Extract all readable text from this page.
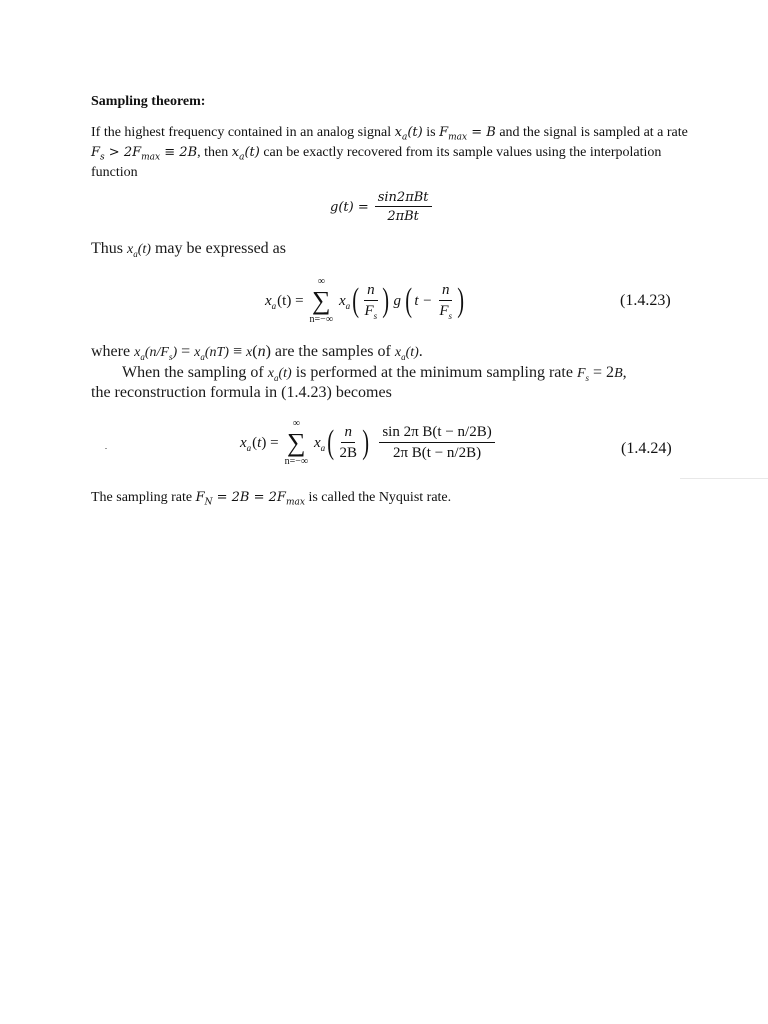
Sampling theorem:

If the highest frequency contained in an analog signal $x_a(t)$ is $F_{max} = B$ and the signal is sampled at a rate $F_s > 2F_{max} \equiv 2B$, then $x_a(t)$ can be exactly recovered from its sample values using the interpolation function

$g(t) = \frac{\text{sin2πBt}}{\text{2πBt}}$
Thus $x_a(t)$ may be expressed as
$x_a$ (t) =
∞
∑
n=−∞
$x_a$ ( $\frac{n}{F_s}$ ) g ( $t - \frac{n}{F_s}$ )	(1.4.23)
where $x_a(n/F_s) = x_a(nT) \equiv x(n)$ are the samples of $x_a(t)$.
When the sampling of $x_a(t)$ is performed at the minimum sampling rate $F_s = 2B$,
the reconstruction formula in (1.4.23) becomes
$x_a$ (t) =
∞
∑
n=−∞
$x_a$ ( $\frac{n}{2B}$ ) $\frac{\text{sin 2π B(t − n/2B)}}{\text{2π B(t − n/2B)}}$	(1.4.24)
The sampling rate $F_N = 2B = 2F_{max}$ is called the Nyquist rate.
